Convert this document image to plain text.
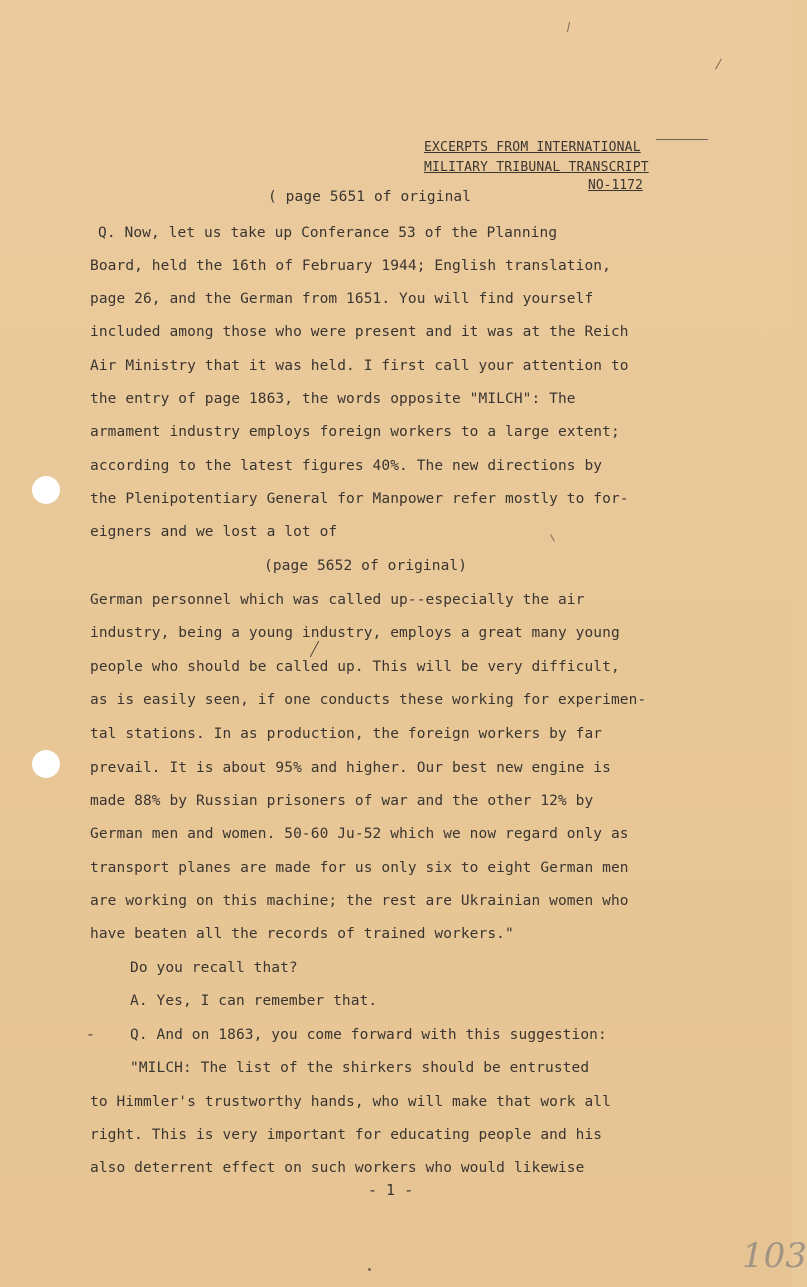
EXCERPTS FROM INTERNATIONAL
MILITARY TRIBUNAL TRANSCRIPT
NO-1172
( page 5651 of original
Q. Now, let us take up Conferance 53 of the Planning
Board, held the 16th of February 1944; English translation,
page 26, and the German from 1651. You will find yourself
included among those who were present and it was at the Reich
Air Ministry that it was held. I first call your attention to
the entry of page 1863, the words opposite "MILCH": The
armament industry employs foreign workers to a large extent;
according to the latest figures 40%. The new directions by
the Plenipotentiary General for Manpower refer mostly to for-
eigners and we lost a lot of
(page 5652 of original)
German personnel which was called up--especially the air
industry, being a young industry, employs a great many young
people who should be called up. This will be very difficult,
as is easily seen, if one conducts these working for experimen-
tal stations. In as production, the foreign workers by far
prevail. It is about 95% and higher. Our best new engine is
made 88% by Russian prisoners of war and the other 12% by
German men and women. 50-60 Ju-52 which we now regard only as
transport planes are made for us only six to eight German men
are working on this machine; the rest are Ukrainian women who
have beaten all the records of trained workers."
Do you recall that?
A. Yes, I can remember that.
- Q. And on 1863, you come forward with this suggestion:
"MILCH: The list of the shirkers should be entrusted
to Himmler's trustworthy hands, who will make that work all
right. This is very important for educating people and his
also deterrent effect on such workers who would likewise
- 1 -
103
